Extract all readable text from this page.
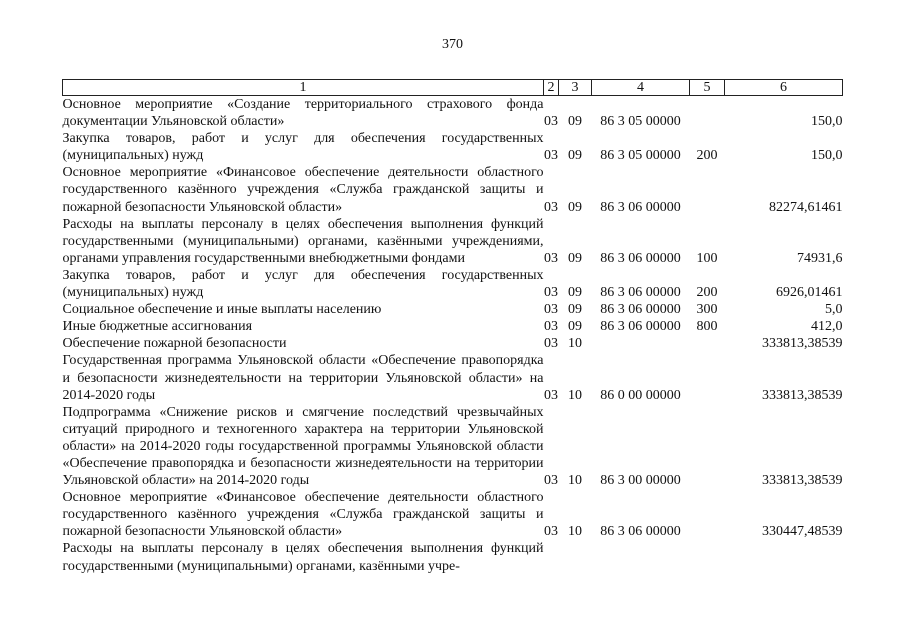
370
1	2	3	4	5	6
Основное мероприятие «Создание территориального страхового фонда документации Ульяновской области»	03	09	86 3 05 00000		150,0
Закупка товаров, работ и услуг для обеспечения государственных (муниципальных) нужд	03	09	86 3 05 00000	200	150,0
Основное мероприятие «Финансовое обеспечение деятельности областного государственного казённого учреждения «Служба гражданской защиты и пожарной безопасности Ульяновской области»	03	09	86 3 06 00000		82274,61461
Расходы на выплаты персоналу в целях обеспечения выполнения функций государственными (муниципальными) органами, казёнными учреждениями, органами управления государственными внебюджетными фондами	03	09	86 3 06 00000	100	74931,6
Закупка товаров, работ и услуг для обеспечения государственных (муниципальных) нужд	03	09	86 3 06 00000	200	6926,01461
Социальное обеспечение и иные выплаты населению	03	09	86 3 06 00000	300	5,0
Иные бюджетные ассигнования	03	09	86 3 06 00000	800	412,0
Обеспечение пожарной безопасности	03	10			333813,38539
Государственная программа Ульяновской области «Обеспечение правопорядка и безопасности жизнедеятельности на территории Ульяновской области» на 2014-2020 годы	03	10	86 0 00 00000		333813,38539
Подпрограмма «Снижение рисков и смягчение последствий чрезвычайных ситуаций природного и техногенного характера на территории Ульяновской области» на 2014-2020 годы государственной программы Ульяновской области «Обеспечение правопорядка и безопасности жизнедеятельности на территории Ульяновской области» на 2014-2020 годы	03	10	86 3 00 00000		333813,38539
Основное мероприятие «Финансовое обеспечение деятельности областного государственного казённого учреждения «Служба гражданской защиты и пожарной безопасности Ульяновской области»	03	10	86 3 06 00000		330447,48539
Расходы на выплаты персоналу в целях обеспечения выполнения функций государственными (муниципальными) органами, казёнными учре-					
